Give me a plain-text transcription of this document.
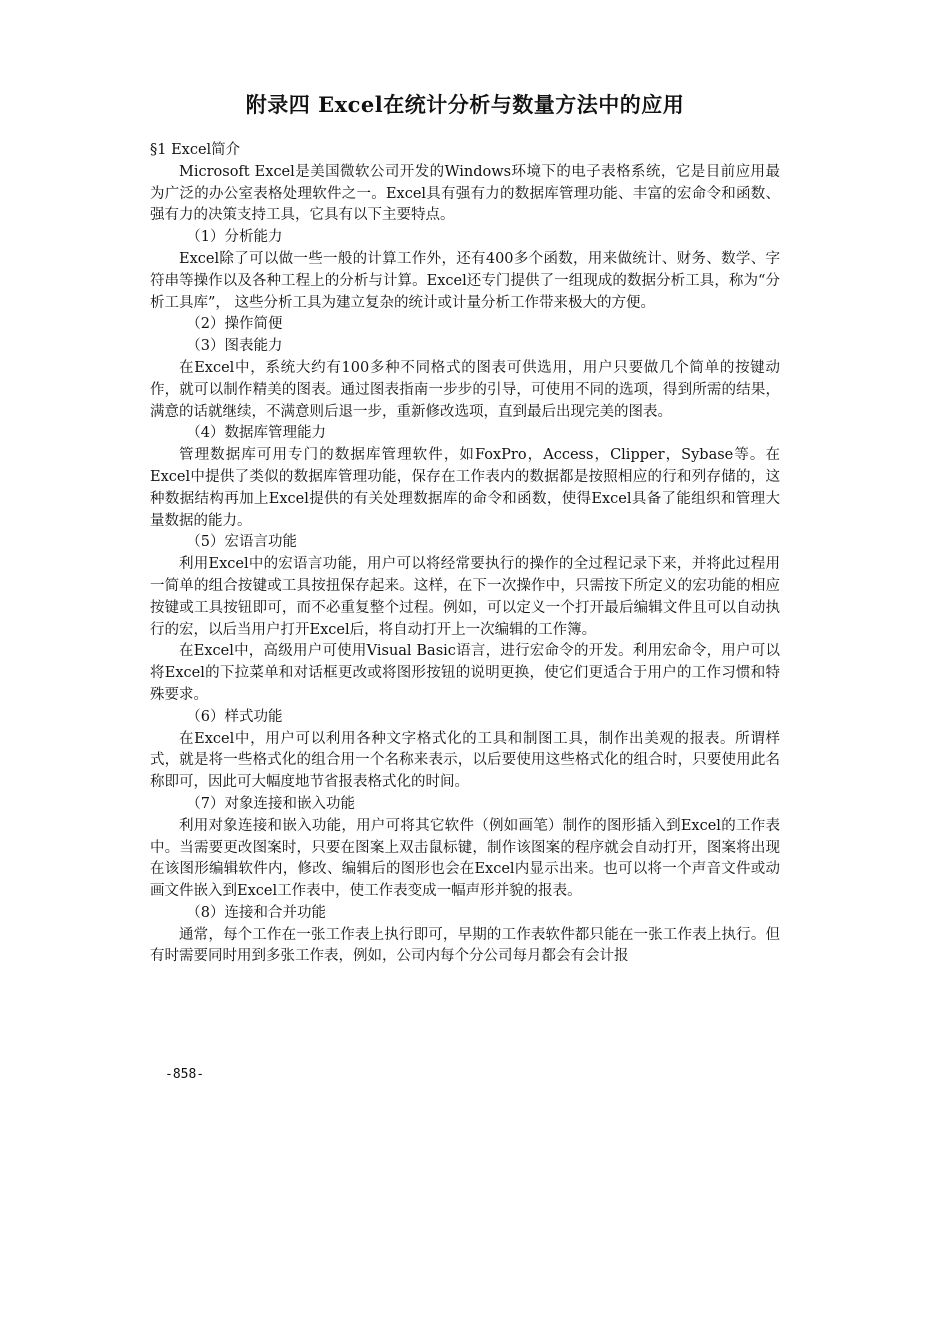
附录四 Excel在统计分析与数量方法中的应用

§1 Excel简介

Microsoft Excel是美国微软公司开发的Windows环境下的电子表格系统，它是目前应用最为广泛的办公室表格处理软件之一。Excel具有强有力的数据库管理功能、丰富的宏命令和函数、强有力的决策支持工具，它具有以下主要特点。

（1）分析能力

Excel除了可以做一些一般的计算工作外，还有400多个函数，用来做统计、财务、数学、字符串等操作以及各种工程上的分析与计算。Excel还专门提供了一组现成的数据分析工具，称为“分析工具库”， 这些分析工具为建立复杂的统计或计量分析工作带来极大的方便。

（2）操作简便

（3）图表能力

在Excel中，系统大约有100多种不同格式的图表可供选用，用户只要做几个简单的按键动作，就可以制作精美的图表。通过图表指南一步步的引导，可使用不同的选项，得到所需的结果，满意的话就继续，不满意则后退一步，重新修改选项，直到最后出现完美的图表。

（4）数据库管理能力

管理数据库可用专门的数据库管理软件，如FoxPro，Access，Clipper，Sybase等。在Excel中提供了类似的数据库管理功能，保存在工作表内的数据都是按照相应的行和列存储的，这种数据结构再加上Excel提供的有关处理数据库的命令和函数，使得Excel具备了能组织和管理大量数据的能力。

（5）宏语言功能

利用Excel中的宏语言功能，用户可以将经常要执行的操作的全过程记录下来，并将此过程用一简单的组合按键或工具按扭保存起来。这样，在下一次操作中，只需按下所定义的宏功能的相应按键或工具按钮即可，而不必重复整个过程。例如，可以定义一个打开最后编辑文件且可以自动执行的宏，以后当用户打开Excel后，将自动打开上一次编辑的工作簿。

在Excel中，高级用户可使用Visual Basic语言，进行宏命令的开发。利用宏命令，用户可以将Excel的下拉菜单和对话框更改或将图形按钮的说明更换，使它们更适合于用户的工作习惯和特殊要求。

（6）样式功能

在Excel中，用户可以利用各种文字格式化的工具和制图工具，制作出美观的报表。所谓样式，就是将一些格式化的组合用一个名称来表示，以后要使用这些格式化的组合时，只要使用此名称即可，因此可大幅度地节省报表格式化的时间。

（7）对象连接和嵌入功能

利用对象连接和嵌入功能，用户可将其它软件（例如画笔）制作的图形插入到Excel的工作表中。当需要更改图案时，只要在图案上双击鼠标键，制作该图案的程序就会自动打开，图案将出现在该图形编辑软件内，修改、编辑后的图形也会在Excel内显示出来。也可以将一个声音文件或动画文件嵌入到Excel工作表中，使工作表变成一幅声形并貌的报表。

（8）连接和合并功能

通常，每个工作在一张工作表上执行即可，早期的工作表软件都只能在一张工作表上执行。但有时需要同时用到多张工作表，例如，公司内每个分公司每月都会有会计报

-858-
